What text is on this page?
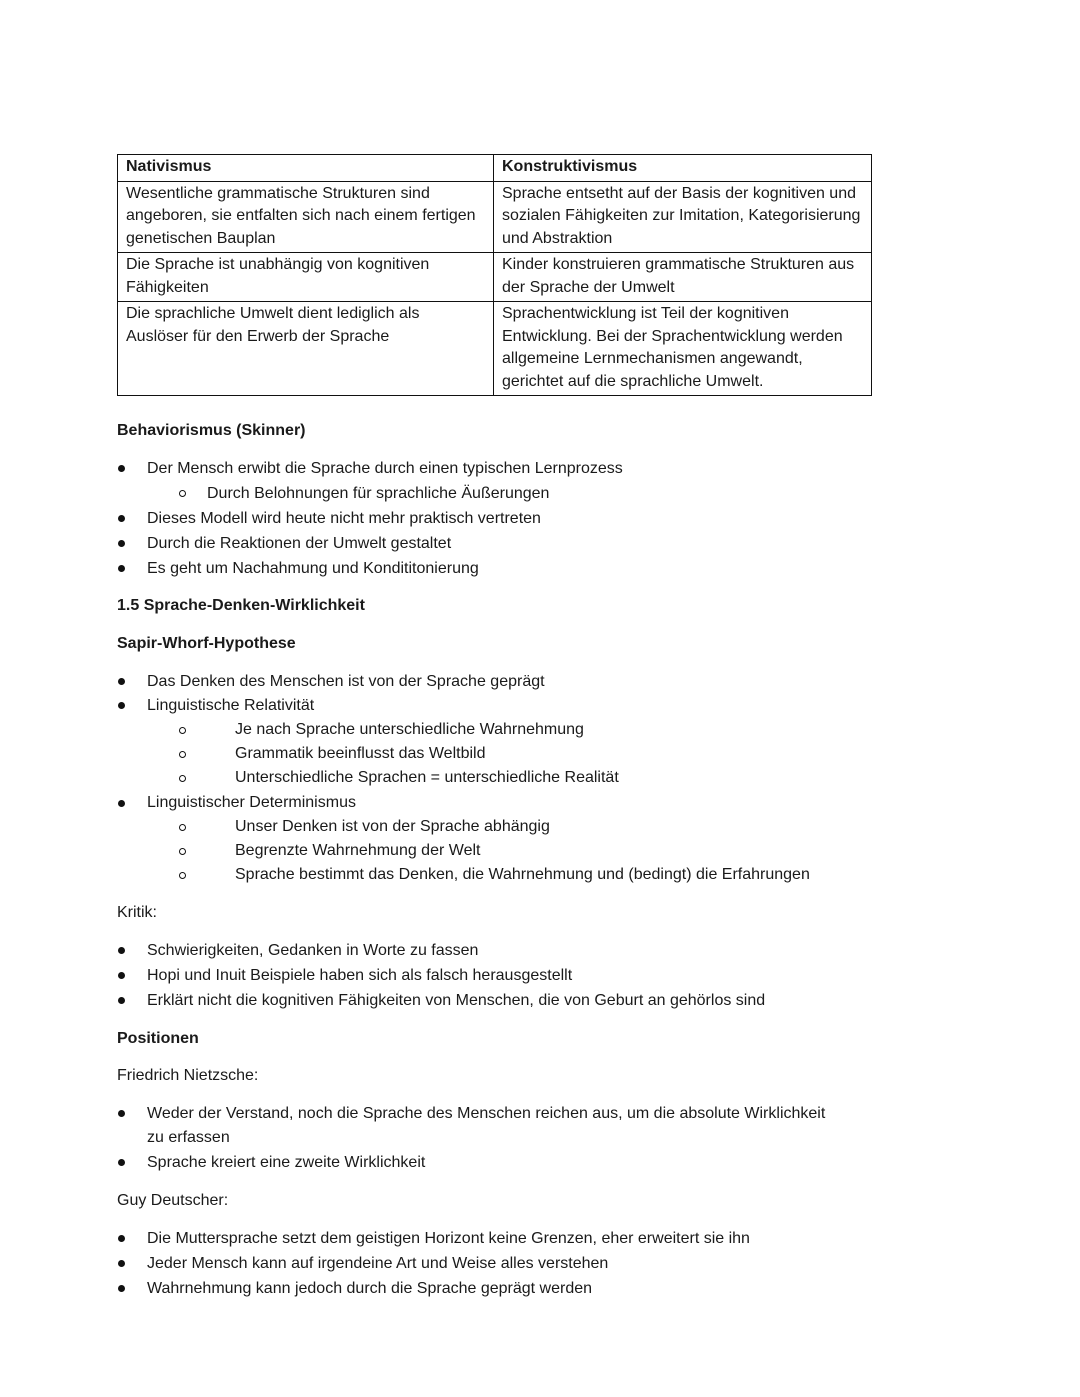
Nativismus	Konstruktivismus
Wesentliche grammatische Strukturen sind angeboren, sie entfalten sich nach einem fertigen genetischen Bauplan	Sprache entsetht auf der Basis der kognitiven und sozialen Fähigkeiten zur Imitation, Kategorisierung und Abstraktion
Die Sprache ist unabhängig von kognitiven Fähigkeiten	Kinder konstruieren grammatische Strukturen aus der Sprache der Umwelt
Die sprachliche Umwelt dient lediglich als Auslöser für den Erwerb der Sprache	Sprachentwicklung ist Teil der kognitiven Entwicklung. Bei der Sprachentwicklung werden allgemeine Lernmechanismen angewandt, gerichtet auf die sprachliche Umwelt.
Behaviorismus (Skinner)
Der Mensch erwibt die Sprache durch einen typischen Lernprozess
Durch Belohnungen für sprachliche Äußerungen
Dieses Modell wird heute nicht mehr praktisch vertreten
Durch die Reaktionen der Umwelt gestaltet
Es geht um Nachahmung und Kondititonierung
1.5 Sprache-Denken-Wirklichkeit
Sapir-Whorf-Hypothese
Das Denken des Menschen ist von der Sprache geprägt
Linguistische Relativität
Je nach Sprache unterschiedliche Wahrnehmung
Grammatik beeinflusst das Weltbild
Unterschiedliche Sprachen = unterschiedliche Realität
Linguistischer Determinismus
Unser Denken ist von der Sprache abhängig
Begrenzte Wahrnehmung der Welt
Sprache bestimmt das Denken, die Wahrnehmung und (bedingt) die Erfahrungen
Kritik:
Schwierigkeiten, Gedanken in Worte zu fassen
Hopi und Inuit Beispiele haben sich als falsch herausgestellt
Erklärt nicht die kognitiven Fähigkeiten von Menschen, die von Geburt an gehörlos sind
Positionen
Friedrich Nietzsche:
Weder der Verstand, noch die Sprache des Menschen reichen aus, um die absolute Wirklichkeit
zu erfassen
Sprache kreiert eine zweite Wirklichkeit
Guy Deutscher:
Die Muttersprache setzt dem geistigen Horizont keine Grenzen, eher erweitert sie ihn
Jeder Mensch kann auf irgendeine Art und Weise alles verstehen
Wahrnehmung kann jedoch durch die Sprache geprägt werden
